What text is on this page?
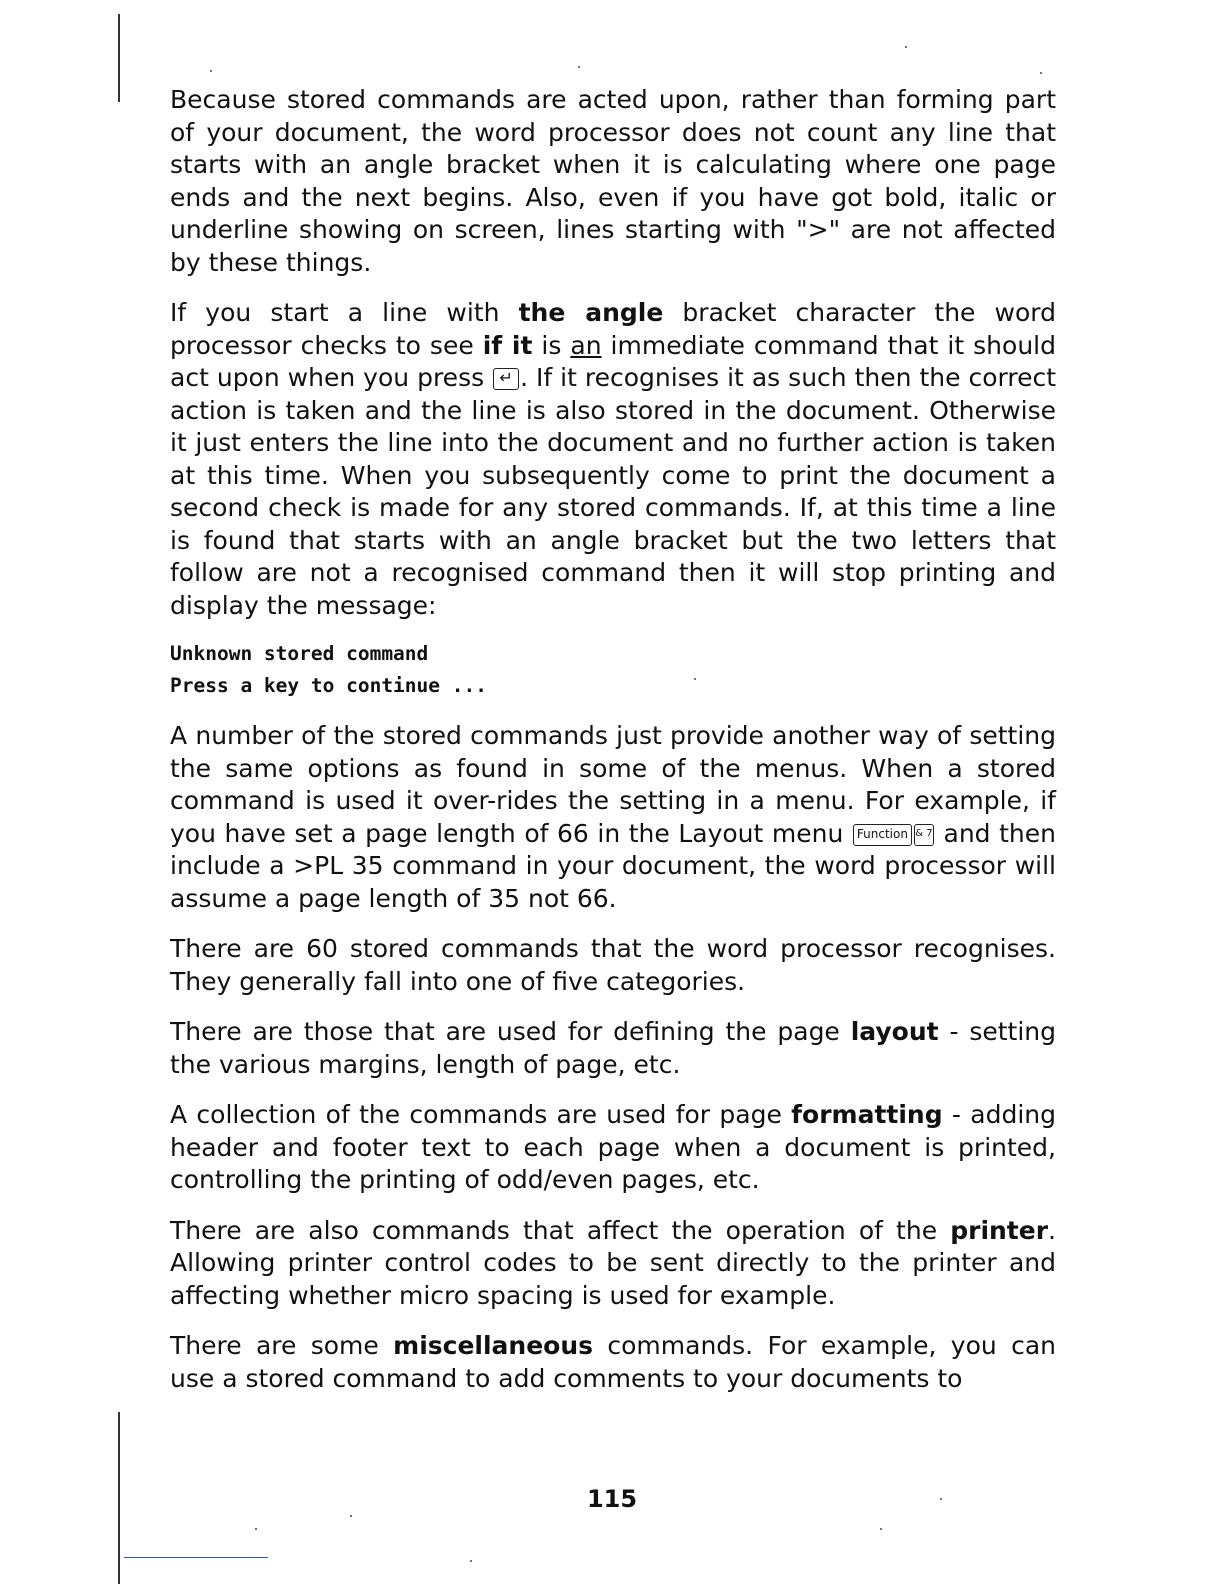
Because stored commands are acted upon, rather than forming part of your document, the word processor does not count any line that starts with an angle bracket when it is calculating where one page ends and the next begins. Also, even if you have got bold, italic or underline showing on screen, lines starting with ">" are not affected by these things.

If you start a line with the angle bracket character the word processor checks to see if it is an immediate command that it should act upon when you press ↵ . If it recognises it as such then the correct action is taken and the line is also stored in the document. Otherwise it just enters the line into the document and no further action is taken at this time. When you subsequently come to print the document a second check is made for any stored commands. If, at this time a line is found that starts with an angle bracket but the two letters that follow are not a recognised command then it will stop printing and display the message:

Unknown stored command
Press a key to continue ...

A number of the stored commands just provide another way of setting the same options as found in some of the menus. When a stored command is used it over-rides the setting in a menu. For example, if you have set a page length of 66 in the Layout menu Function & 7 and then include a >PL 35 command in your document, the word processor will assume a page length of 35 not 66.

There are 60 stored commands that the word processor recognises. They generally fall into one of five categories.

There are those that are used for defining the page layout - setting the various margins, length of page, etc.

A collection of the commands are used for page formatting - adding header and footer text to each page when a document is printed, controlling the printing of odd/even pages, etc.

There are also commands that affect the operation of the printer. Allowing printer control codes to be sent directly to the printer and affecting whether micro spacing is used for example.

There are some miscellaneous commands. For example, you can use a stored command to add comments to your documents to

115
